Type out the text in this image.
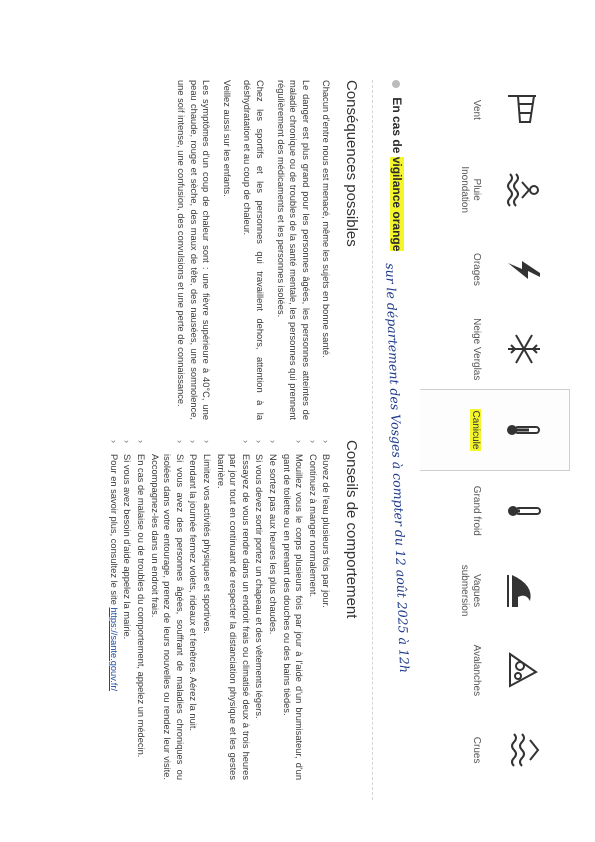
Vent
Pluie
Inondation
Orages
Neige Verglas
Canicule
Grand froid
Vagues
submersion
Avalanches
Crues
En cas de vigilance orange sur le département des Vosges à compter du 12 août 2025 à 12h
Conséquences possibles

Chacun d'entre nous est menacé, même les sujets en bonne santé.

Le danger est plus grand pour les personnes âgées, les personnes atteintes de maladie chronique ou de troubles de la santé mentale, les personnes qui prennent régulièrement des médicaments et les personnes isolées.

Chez les sportifs et les personnes qui travaillent dehors, attention à la déshydratation et au coup de chaleur.

Veillez aussi sur les enfants.

Les symptômes d'un coup de chaleur sont : une fièvre supérieure à 40°C, une peau chaude, rouge et sèche, des maux de tête, des nausées, une somnolence, une soif intense, une confusion, des convulsions et une perte de connaissance.

Conseils de comportement
›
Buvez de l'eau plusieurs fois par jour.
›
Continuez à manger normalement.
›
Mouillez vous le corps plusieurs fois par jour à l'aide d'un brumisateur, d'un gant de toilette ou en prenant des douches ou des bains tièdes.
›
Ne sortez pas aux heures les plus chaudes.
›
Si vous devez sortir portez un chapeau et des vêtements légers.
›
Essayez de vous rendre dans un endroit frais ou climatisé deux à trois heures par jour tout en continuant de respecter la distanciation physique et les gestes barrière.
›
Limitez vos activités physiques et sportives.
›
Pendant la journée fermez volets, rideaux et fenêtres. Aérez la nuit.
›
Si vous avez des personnes âgées, souffrant de maladies chroniques ou isolées dans votre entourage, prenez de leurs nouvelles ou rendez leur visite. Accompagnez-les dans un endroit frais.
›
En cas de malaise ou de troubles du comportement, appelez un médecin.
›
Si vous avez besoin d'aide appelez la mairie.
›
Pour en savoir plus, consultez le site https://sante.gouv.fr/
